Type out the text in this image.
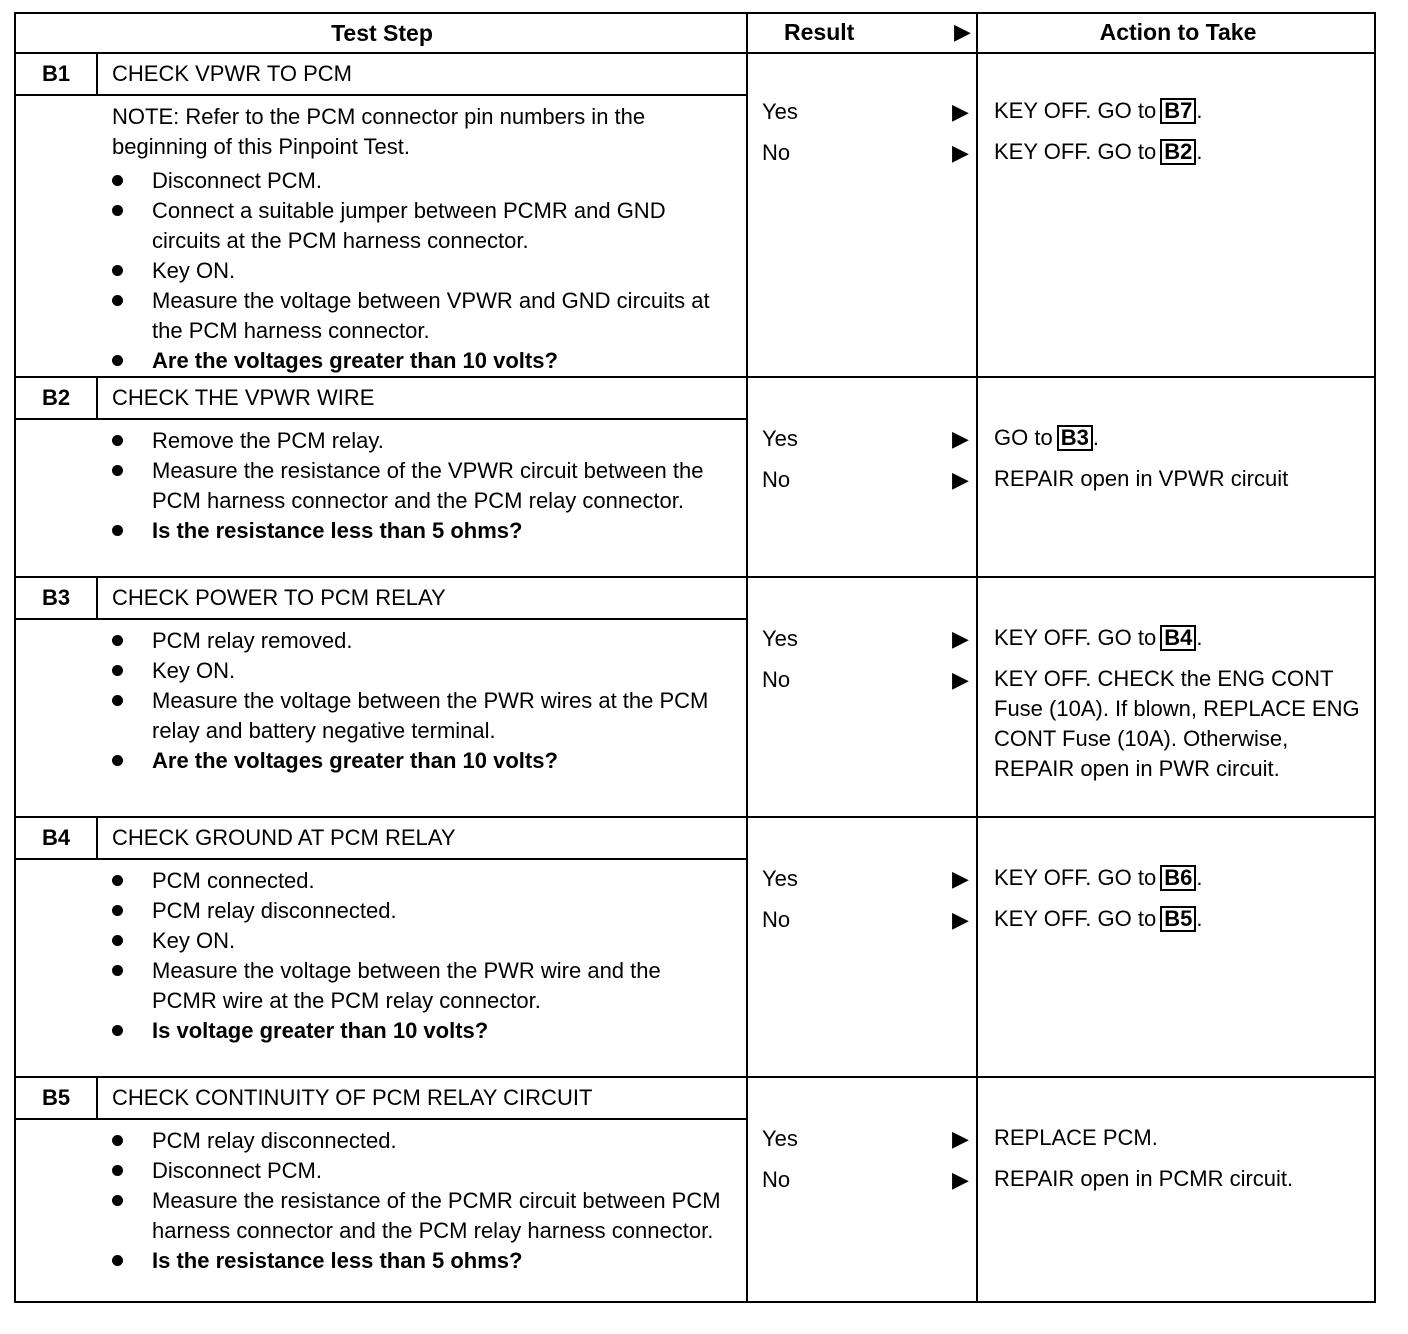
Test Step	Result	▶	Action to Take
B1	CHECK VPWR TO PCM

NOTE: Refer to the PCM connector pin numbers in the beginning of this Pinpoint Test.

Disconnect PCM.
Connect a suitable jumper between PCMR and GND circuits at the PCM harness connector.
Key ON.
Measure the voltage between VPWR and GND circuits at the PCM harness connector.
Are the voltages greater than 10 volts?
Yes	▶ KEY OFF. GO to B7 .
No	▶ KEY OFF. GO to B2 .
B2	CHECK THE VPWR WIRE
Remove the PCM relay.
Measure the resistance of the VPWR circuit between the PCM harness connector and the PCM relay connector.
Is the resistance less than 5 ohms?
Yes	▶ GO to B3 .
No	▶ REPAIR open in VPWR circuit
B3	CHECK POWER TO PCM RELAY
PCM relay removed.
Key ON.
Measure the voltage between the PWR wires at the PCM relay and battery negative terminal.
Are the voltages greater than 10 volts?
Yes	▶ KEY OFF. GO to B4 .
No	▶ KEY OFF. CHECK the ENG CONT Fuse (10A). If blown, REPLACE ENG CONT Fuse (10A). Otherwise, REPAIR open in PWR circuit.
B4	CHECK GROUND AT PCM RELAY
PCM connected.
PCM relay disconnected.
Key ON.
Measure the voltage between the PWR wire and the PCMR wire at the PCM relay connector.
Is voltage greater than 10 volts?
Yes	▶ KEY OFF. GO to B6 .
No	▶ KEY OFF. GO to B5 .
B5	CHECK CONTINUITY OF PCM RELAY CIRCUIT
PCM relay disconnected.
Disconnect PCM.
Measure the resistance of the PCMR circuit between PCM harness connector and the PCM relay harness connector.
Is the resistance less than 5 ohms?
Yes	▶ REPLACE PCM.
No	▶ REPAIR open in PCMR circuit.
